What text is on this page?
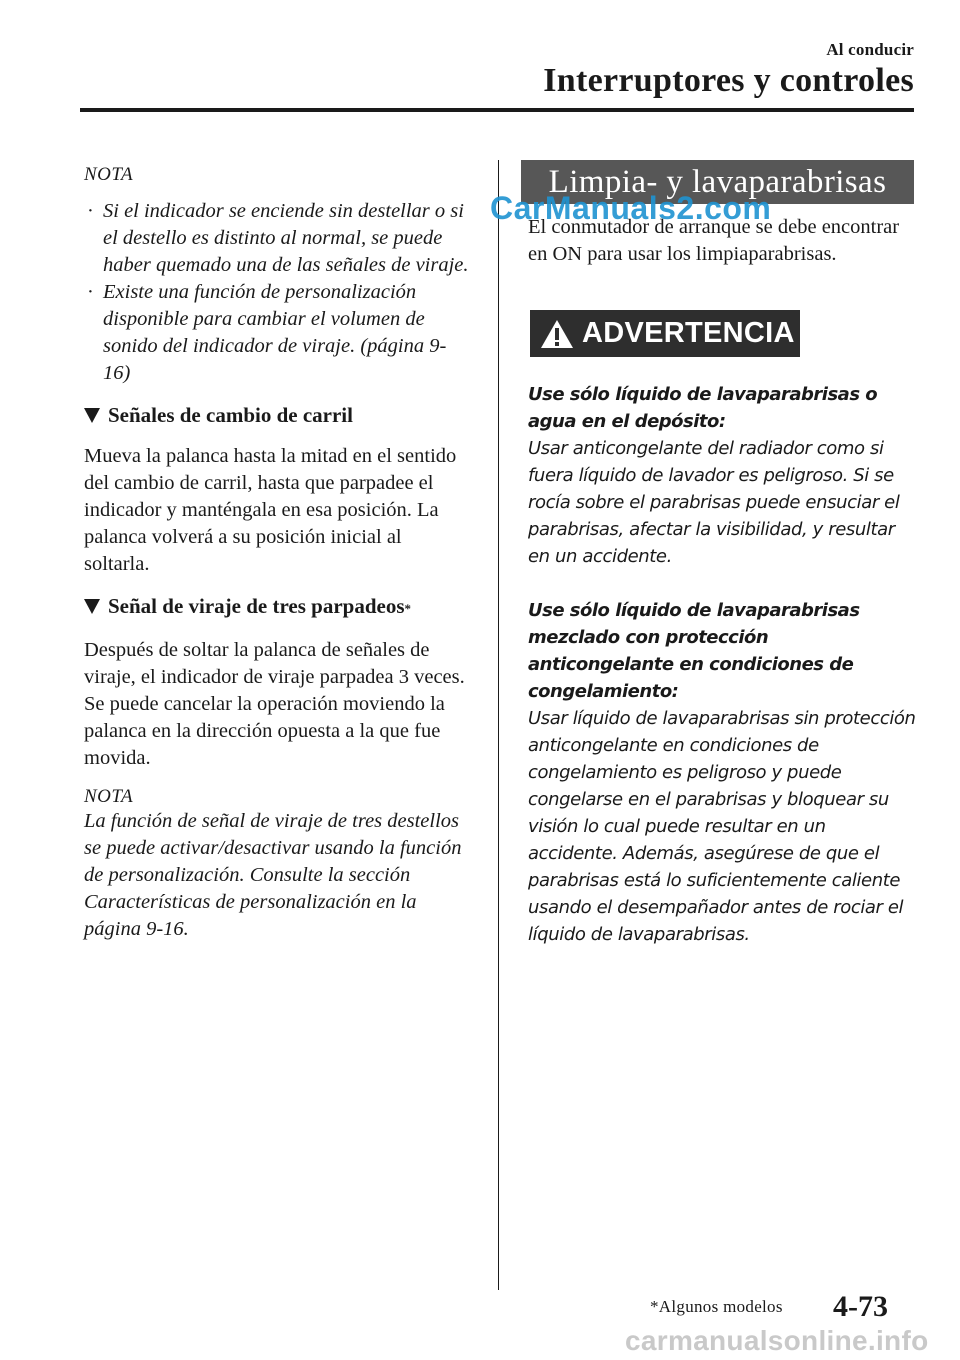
Al conducir
Interruptores y controles
NOTA
· Si el indicador se enciende sin destellar o si el destello es distinto al normal, se puede haber quemado una de las señales de viraje.
· Existe una función de personalización disponible para cambiar el volumen de sonido del indicador de viraje. (página 9-16)
Señales de cambio de carril
Mueva la palanca hasta la mitad en el sentido del cambio de carril, hasta que parpadee el indicador y manténgala en esa posición. La palanca volverá a su posición inicial al soltarla.
Señal de viraje de tres parpadeos *
Después de soltar la palanca de señales de viraje, el indicador de viraje parpadea 3 veces. Se puede cancelar la operación moviendo la palanca en la dirección opuesta a la que fue movida.
NOTA
La función de señal de viraje de tres destellos se puede activar/desactivar usando la función de personalización. Consulte la sección Características de personalización en la página 9-16.
Limpia- y lavaparabrisas
CarManuals2.com
El conmutador de arranque se debe encontrar en ON para usar los limpiaparabrisas.
ADVERTENCIA
Use sólo líquido de lavaparabrisas o agua en el depósito:
Usar anticongelante del radiador como si fuera líquido de lavador es peligroso. Si se rocía sobre el parabrisas puede ensuciar el parabrisas, afectar la visibilidad, y resultar en un accidente.
Use sólo líquido de lavaparabrisas mezclado con protección anticongelante en condiciones de congelamiento:
Usar líquido de lavaparabrisas sin protección anticongelante en condiciones de congelamiento es peligroso y puede congelarse en el parabrisas y bloquear su visión lo cual puede resultar en un accidente. Además, asegúrese de que el parabrisas está lo suficientemente caliente usando el desempañador antes de rociar el líquido de lavaparabrisas.
*Algunos modelos 4-73
carmanualsonline.info
